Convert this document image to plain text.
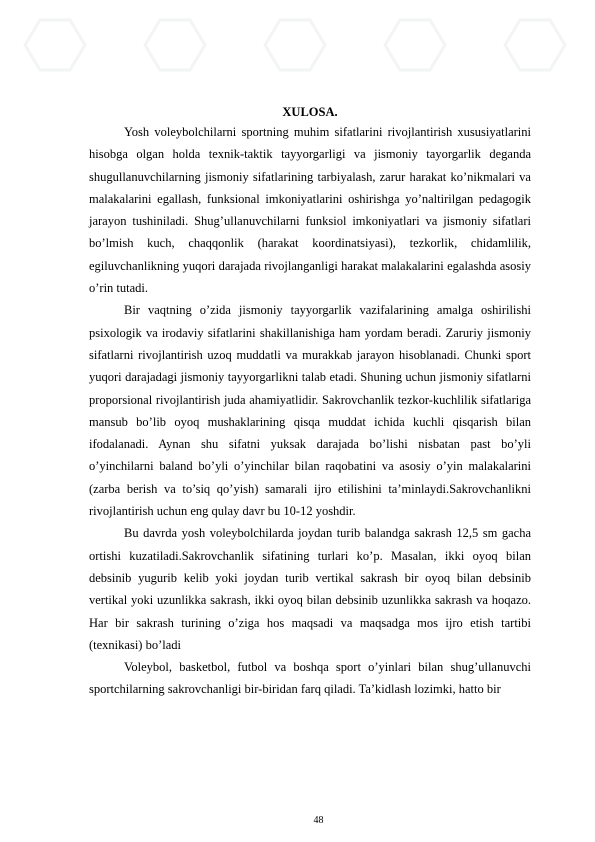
XULOSA.

Yosh voleybolchilarni sportning muhim sifatlarini rivojlantirish xususiyatlarini hisobga olgan holda texnik-taktik tayyorgarligi va jismoniy tayorgarlik deganda shugullanuvchilarning jismoniy sifatlarining tarbiyalash, zarur harakat ko’nikmalari va malakalarini egallash, funksional imkoniyatlarini oshirishga yo’naltirilgan pedagogik jarayon tushiniladi. Shug’ullanuvchilarni funksiol imkoniyatlari va jismoniy sifatlari bo’lmish kuch, chaqqonlik (harakat koordinatsiyasi), tezkorlik, chidamlilik, egiluvchanlikning yuqori darajada rivojlanganligi harakat malakalarini egalashda asosiy o’rin tutadi.

Bir vaqtning o’zida jismoniy tayyorgarlik vazifalarining amalga oshirilishi psixologik va irodaviy sifatlarini shakillanishiga ham yordam beradi. Zaruriy jismoniy sifatlarni rivojlantirish uzoq muddatli va murakkab jarayon hisoblanadi. Chunki sport yuqori darajadagi jismoniy tayyorgarlikni talab etadi. Shuning uchun jismoniy sifatlarni proporsional rivojlantirish juda ahamiyatlidir. Sakrovchanlik tezkor-kuchlilik sifatlariga mansub bo’lib oyoq mushaklarining qisqa muddat ichida kuchli qisqarish bilan ifodalanadi. Aynan shu sifatni yuksak darajada bo’lishi nisbatan past bo’yli o’yinchilarni baland bo’yli o’yinchilar bilan raqobatini va asosiy o’yin malakalarini (zarba berish va to’siq qo’yish) samarali ijro etilishini ta’minlaydi.Sakrovchanlikni rivojlantirish uchun eng qulay davr bu 10-12 yoshdir.

Bu davrda yosh voleybolchilarda joydan turib balandga sakrash 12,5 sm gacha ortishi kuzatiladi.Sakrovchanlik sifatining turlari ko’p. Masalan, ikki oyoq bilan debsinib yugurib kelib yoki joydan turib vertikal sakrash bir oyoq bilan debsinib vertikal yoki uzunlikka sakrash, ikki oyoq bilan debsinib uzunlikka sakrash va hoqazo. Har bir sakrash turining o’ziga hos maqsadi va maqsadga mos ijro etish tartibi (texnikasi) bo’ladi

Voleybol, basketbol, futbol va boshqa sport o’yinlari bilan shug’ullanuvchi sportchilarning sakrovchanligi bir-biridan farq qiladi. Ta’kidlash lozimki, hatto bir

48
